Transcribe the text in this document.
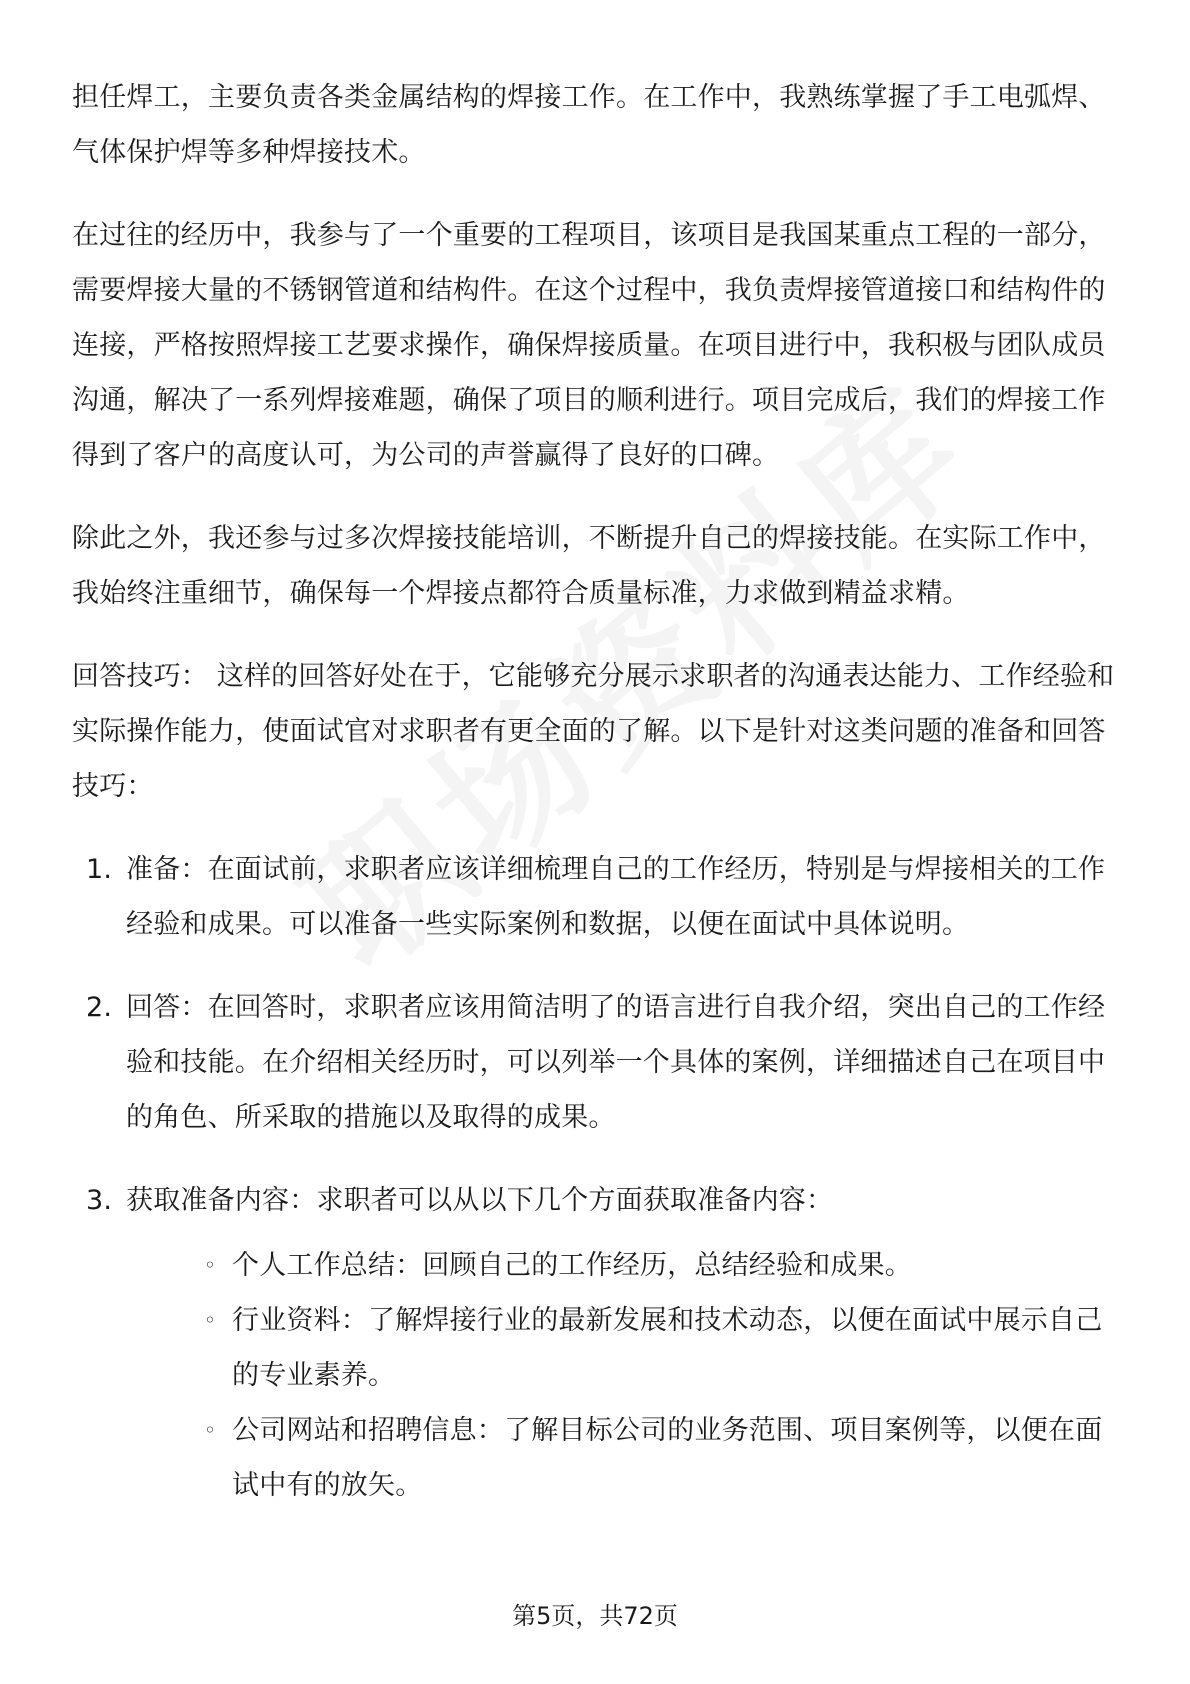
担任焊工，主要负责各类金属结构的焊接工作。在工作中，我熟练掌握了手工电弧焊、气体保护焊等多种焊接技术。

在过往的经历中，我参与了一个重要的工程项目，该项目是我国某重点工程的一部分，需要焊接大量的不锈钢管道和结构件。在这个过程中，我负责焊接管道接口和结构件的连接，严格按照焊接工艺要求操作，确保焊接质量。在项目进行中，我积极与团队成员沟通，解决了一系列焊接难题，确保了项目的顺利进行。项目完成后，我们的焊接工作得到了客户的高度认可，为公司的声誉赢得了良好的口碑。

除此之外，我还参与过多次焊接技能培训，不断提升自己的焊接技能。在实际工作中，我始终注重细节，确保每一个焊接点都符合质量标准，力求做到精益求精。

回答技巧： 这样的回答好处在于，它能够充分展示求职者的沟通表达能力、工作经验和实际操作能力，使面试官对求职者有更全面的了解。以下是针对这类问题的准备和回答技巧：

1. 准备：在面试前，求职者应该详细梳理自己的工作经历，特别是与焊接相关的工作经验和成果。可以准备一些实际案例和数据，以便在面试中具体说明。
2. 回答：在回答时，求职者应该用简洁明了的语言进行自我介绍，突出自己的工作经验和技能。在介绍相关经历时，可以列举一个具体的案例，详细描述自己在项目中的角色、所采取的措施以及取得的成果。
3. 获取准备内容：求职者可以从以下几个方面获取准备内容：
◦ 个人工作总结：回顾自己的工作经历，总结经验和成果。
◦ 行业资料：了解焊接行业的最新发展和技术动态，以便在面试中展示自己的专业素养。
◦ 公司网站和招聘信息：了解目标公司的业务范围、项目案例等，以便在面试中有的放矢。
第5页，共72页
